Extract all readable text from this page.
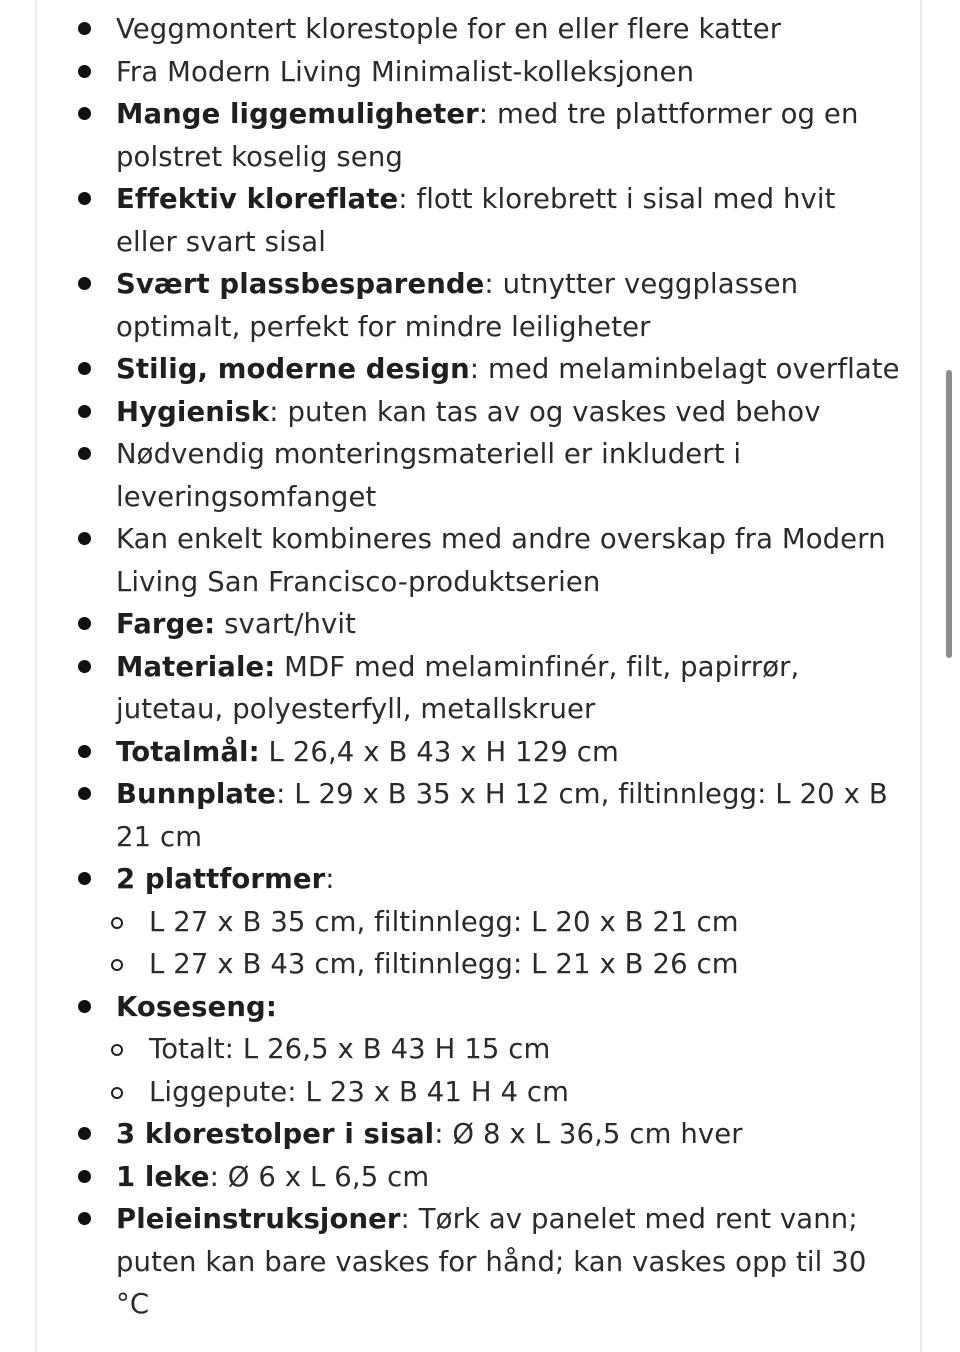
Veggmontert klorestople for en eller flere katter
Fra Modern Living Minimalist-kolleksjonen
Mange liggemuligheter: med tre plattformer og en polstret koselig seng
Effektiv kloreflate: flott klorebrett i sisal med hvit eller svart sisal
Svært plassbesparende: utnytter veggplassen optimalt, perfekt for mindre leiligheter
Stilig, moderne design: med melaminbelagt overflate
Hygienisk: puten kan tas av og vaskes ved behov
Nødvendig monteringsmateriell er inkludert i leveringsomfanget
Kan enkelt kombineres med andre overskap fra Modern Living San Francisco-produktserien
Farge: svart/hvit
Materiale: MDF med melaminfinér, filt, papirrør, jutetau, polyesterfyll, metallskruer
Totalmål: L 26,4 x B 43 x H 129 cm
Bunnplate: L 29 x B 35 x H 12 cm, filtinnlegg: L 20 x B 21 cm
2 plattformer:
L 27 x B 35 cm, filtinnlegg: L 20 x B 21 cm
L 27 x B 43 cm, filtinnlegg: L 21 x B 26 cm
Koseseng:
Totalt: L 26,5 x B 43 H 15 cm
Liggepute: L 23 x B 41 H 4 cm
3 klorestolper i sisal: Ø 8 x L 36,5 cm hver
1 leke: Ø 6 x L 6,5 cm
Pleieinstruksjoner: Tørk av panelet med rent vann; puten kan bare vaskes for hånd; kan vaskes opp til 30 °C
